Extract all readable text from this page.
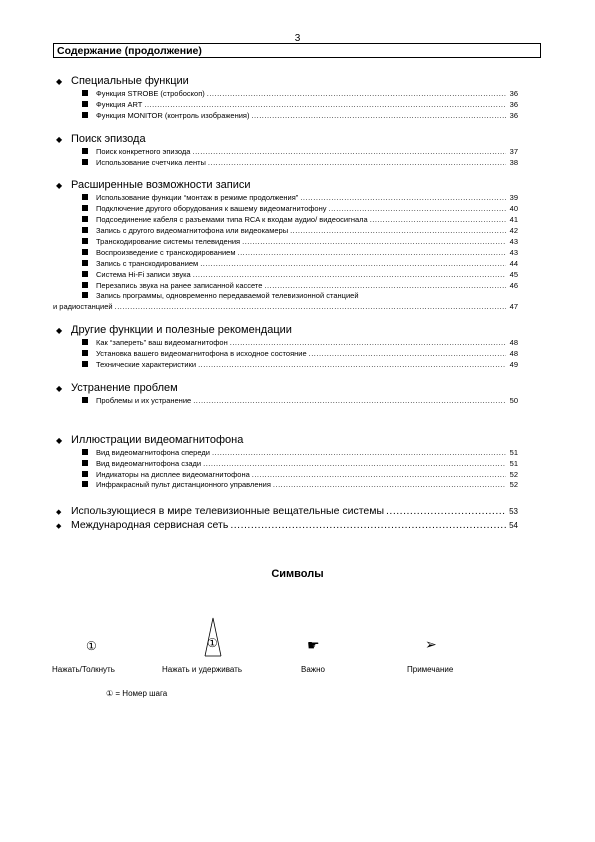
3
Содержание (продолжение)
◆ Специальные функции
Функция STROBE (стробоскоп) .....	36
Функция ART .....	36
Функция MONITOR (контроль изображения) .....	36
◆ Поиск эпизода
Поиск конкретного эпизода .....	37
Использование счетчика ленты .....	38
◆ Расширенные возможности записи
Использование функции “монтаж в режиме продолжения” .....	39
Подключение другого оборудования к вашему видеомагнитофону .....	40
Подсоединение кабеля с разъемами типа RCA к входам аудио/ видеосигнала .....	41
Запись с другого видеомагнитофона или видеокамеры .....	42
Транскодирование системы телевидения .....	43
Воспроизведение с транскодированием .....	43
Запись с транскодированием .....	44
Система Hi-Fi записи звука .....	45
Перезапись звука на ранее записанной кассете .....	46
Запись программы, одновременно передаваемой телевизионной станцией
и радиостанцией .....	47
◆ Другие функции и полезные рекомендации
Как “запереть” ваш видеомагнитофон .....	48
Установка вашего видеомагнитофона в исходное состояние .....	48
Технические характеристики .....	49
◆ Устранение проблем
Проблемы и их устранение .....	50
◆ Иллюстрации видеомагнитофона
Вид видеомагнитофона спереди .....	51
Вид видеомагнитофона сзади .....	51
Индикаторы на дисплее видеомагнитофона .....	52
Инфракрасный пульт дистанционного управления .....	52
◆ Использующиеся в мире телевизионные вещательные системы .....	53
◆ Международная сервисная сеть .....	54
Символы
①
Нажать/Толкнуть
①
Нажать и удерживать
☛
Важно
➢
Примечание
① = Номер шага
